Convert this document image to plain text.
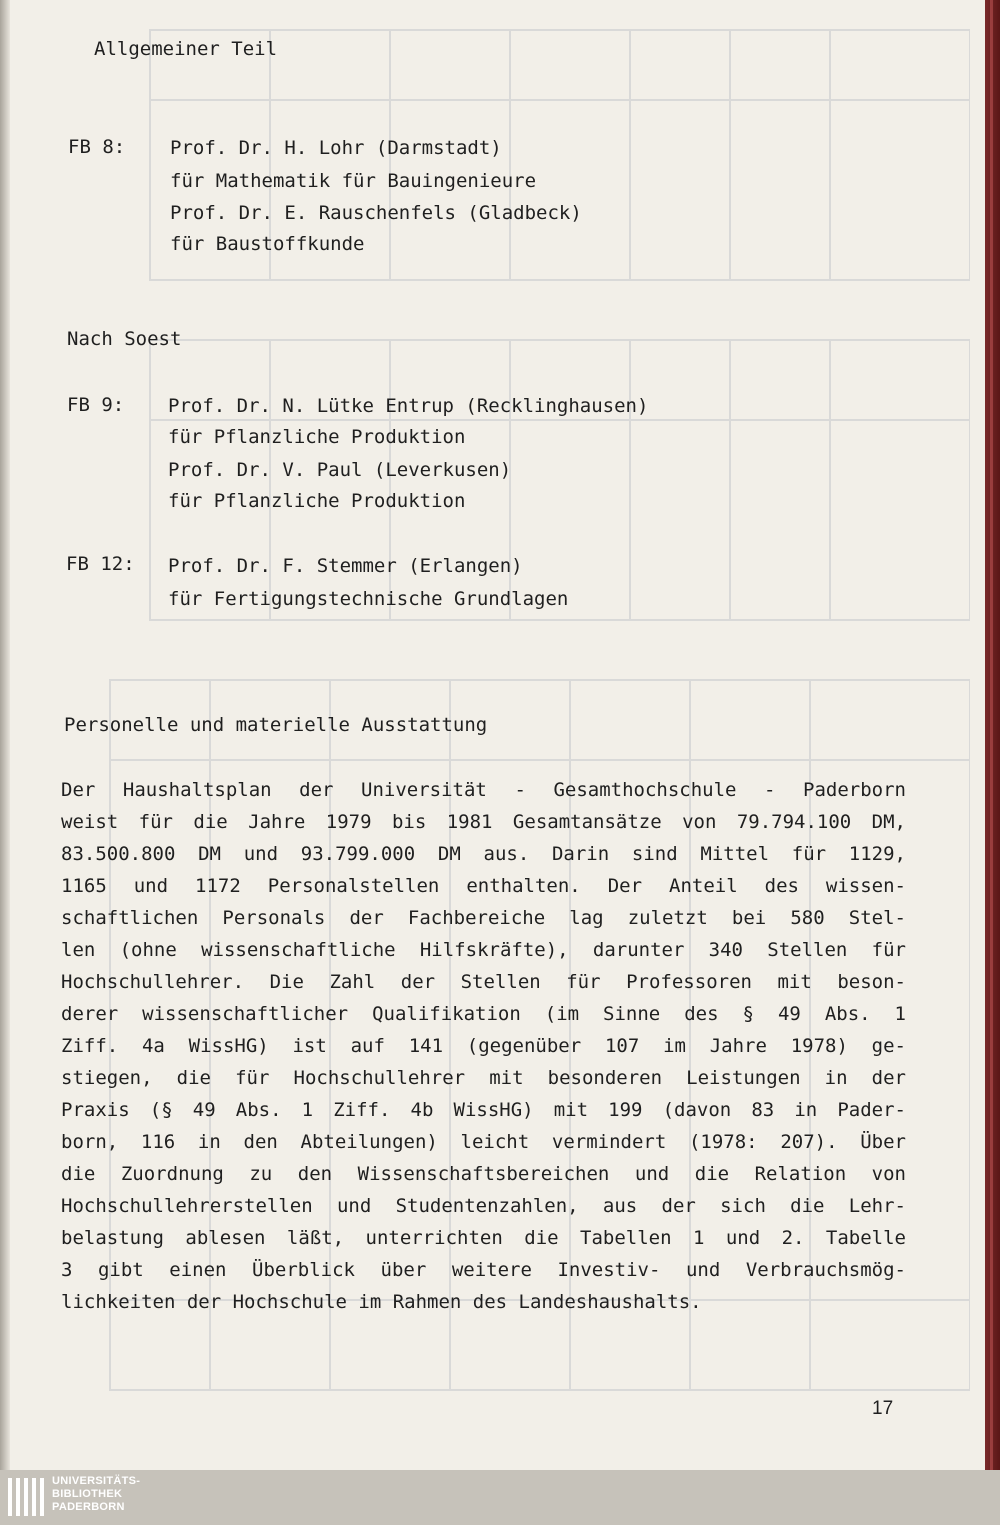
Allgemeiner Teil
FB 8: Prof. Dr. H. Lohr (Darmstadt)
für Mathematik für Bauingenieure
Prof. Dr. E. Rauschenfels (Gladbeck)
für Baustoffkunde
Nach Soest
FB 9: Prof. Dr. N. Lütke Entrup (Recklinghausen)
für Pflanzliche Produktion
Prof. Dr. V. Paul (Leverkusen)
für Pflanzliche Produktion
FB 12: Prof. Dr. F. Stemmer (Erlangen)
für Fertigungstechnische Grundlagen
Personelle und materielle Ausstattung
Der Haushaltsplan der Universität - Gesamthochschule - Paderborn
weist für die Jahre 1979 bis 1981 Gesamtansätze von 79.794.100 DM,
83.500.800 DM und 93.799.000 DM aus. Darin sind Mittel für 1129,
1165 und 1172 Personalstellen enthalten. Der Anteil des wissen-
schaftlichen Personals der Fachbereiche lag zuletzt bei 580 Stel-
len (ohne wissenschaftliche Hilfskräfte), darunter 340 Stellen für
Hochschullehrer. Die Zahl der Stellen für Professoren mit beson-
derer wissenschaftlicher Qualifikation (im Sinne des § 49 Abs. 1
Ziff. 4a WissHG) ist auf 141 (gegenüber 107 im Jahre 1978) ge-
stiegen, die für Hochschullehrer mit besonderen Leistungen in der
Praxis (§ 49 Abs. 1 Ziff. 4b WissHG) mit 199 (davon 83 in Pader-
born, 116 in den Abteilungen) leicht vermindert (1978: 207). Über
die Zuordnung zu den Wissenschaftsbereichen und die Relation von
Hochschullehrerstellen und Studentenzahlen, aus der sich die Lehr-
belastung ablesen läßt, unterrichten die Tabellen 1 und 2. Tabelle
3 gibt einen Überblick über weitere Investiv- und Verbrauchsmög-
lichkeiten der Hochschule im Rahmen des Landeshaushalts.
17
UNIVERSITÄTS-
BIBLIOTHEK
PADERBORN
